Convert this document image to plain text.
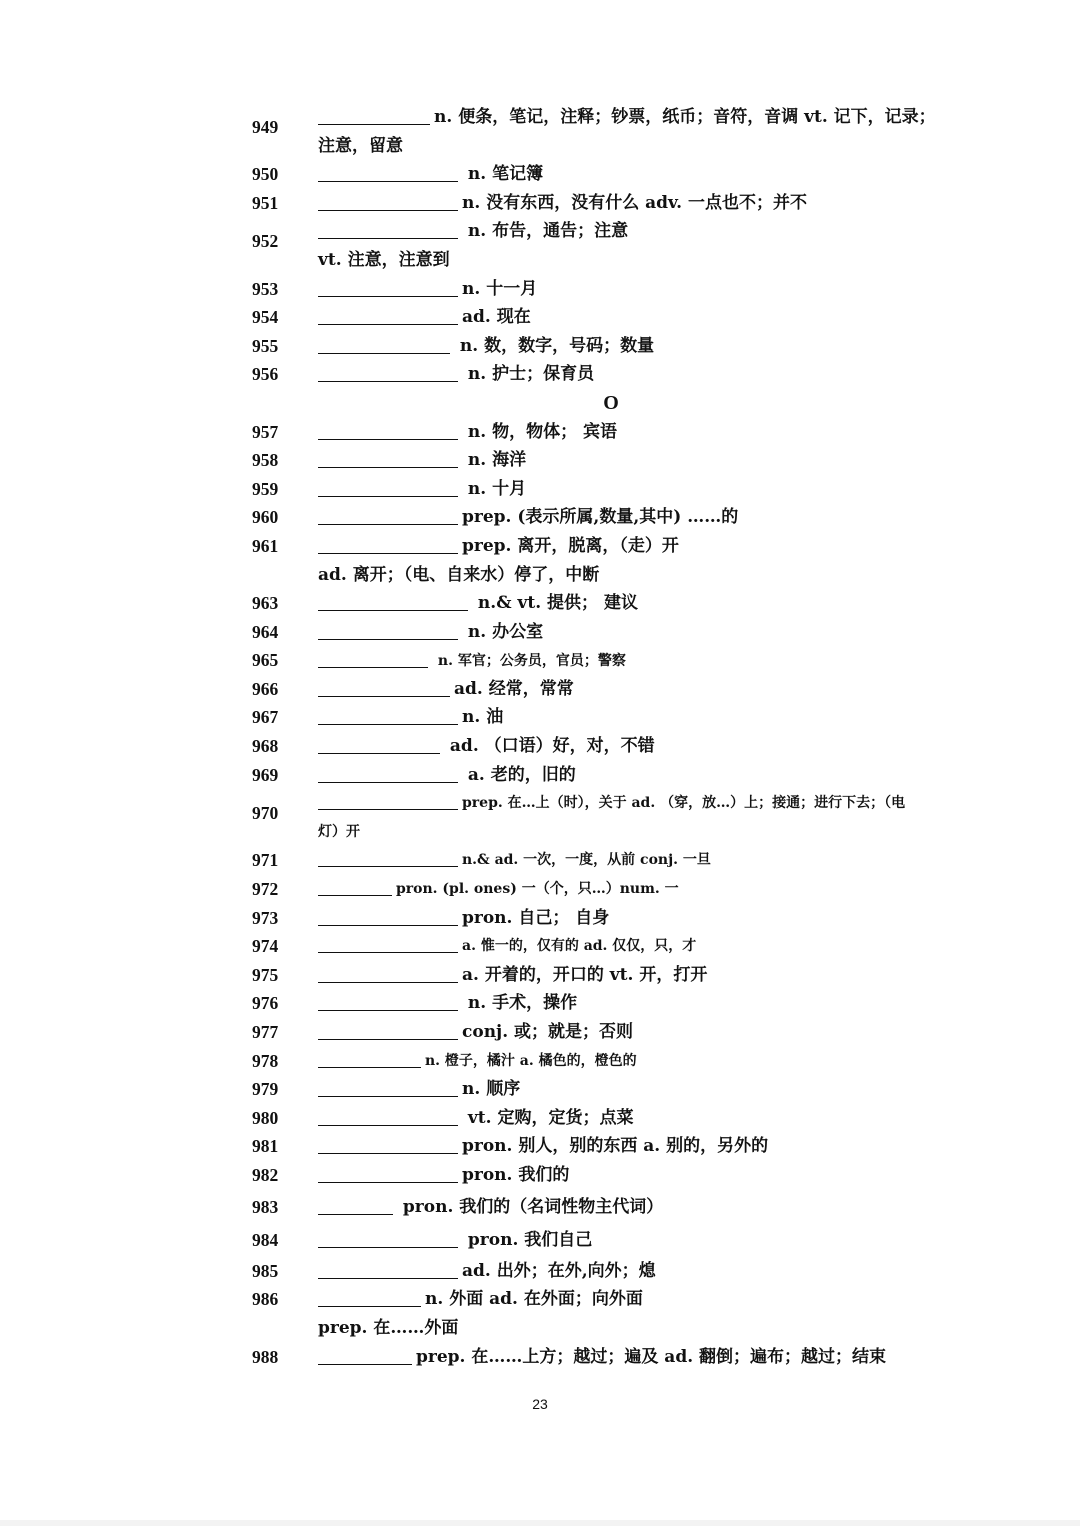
949	n. 便条，笔记，注释；钞票，纸币；音符，音调 vt. 记下，记录；
注意，留意
950	n. 笔记簿
951	n. 没有东西，没有什么 adv. 一点也不；并不
952	n. 布告，通告；注意
vt. 注意，注意到
953	n. 十一月
954	ad. 现在
955	n. 数，数字，号码；数量
956	n. 护士；保育员
O
957	n. 物，物体； 宾语
958	n. 海洋
959	n. 十月
960	prep. (表示所属,数量,其中) ……的
961	prep. 离开，脱离，（走）开
ad. 离开；（电、自来水）停了，中断
963	n.& vt. 提供； 建议
964	n. 办公室
965	n. 军官；公务员，官员；警察
966	ad. 经常，常常
967	n. 油
968	ad. （口语）好，对，不错
969	a. 老的，旧的
970	prep. 在…上（时），关于 ad. （穿，放…）上；接通；进行下去；（电
灯）开
971	n.& ad. 一次，一度，从前 conj. 一旦
972	pron. (pl. ones) 一（个，只…）num. 一
973	pron. 自己； 自身
974	a. 惟一的，仅有的 ad. 仅仅，只，才
975	a. 开着的，开口的 vt. 开，打开
976	n. 手术，操作
977	conj. 或；就是；否则
978	n. 橙子，橘汁 a. 橘色的，橙色的
979	n. 顺序
980	vt. 定购，定货；点菜
981	pron. 别人，别的东西 a. 别的，另外的
982	pron. 我们的
983	pron. 我们的（名词性物主代词）
984	pron. 我们自己
985	ad. 出外；在外,向外；熄
986	n. 外面 ad. 在外面；向外面
prep. 在……外面
988	prep. 在……上方；越过；遍及 ad. 翻倒；遍布；越过；结束
23
